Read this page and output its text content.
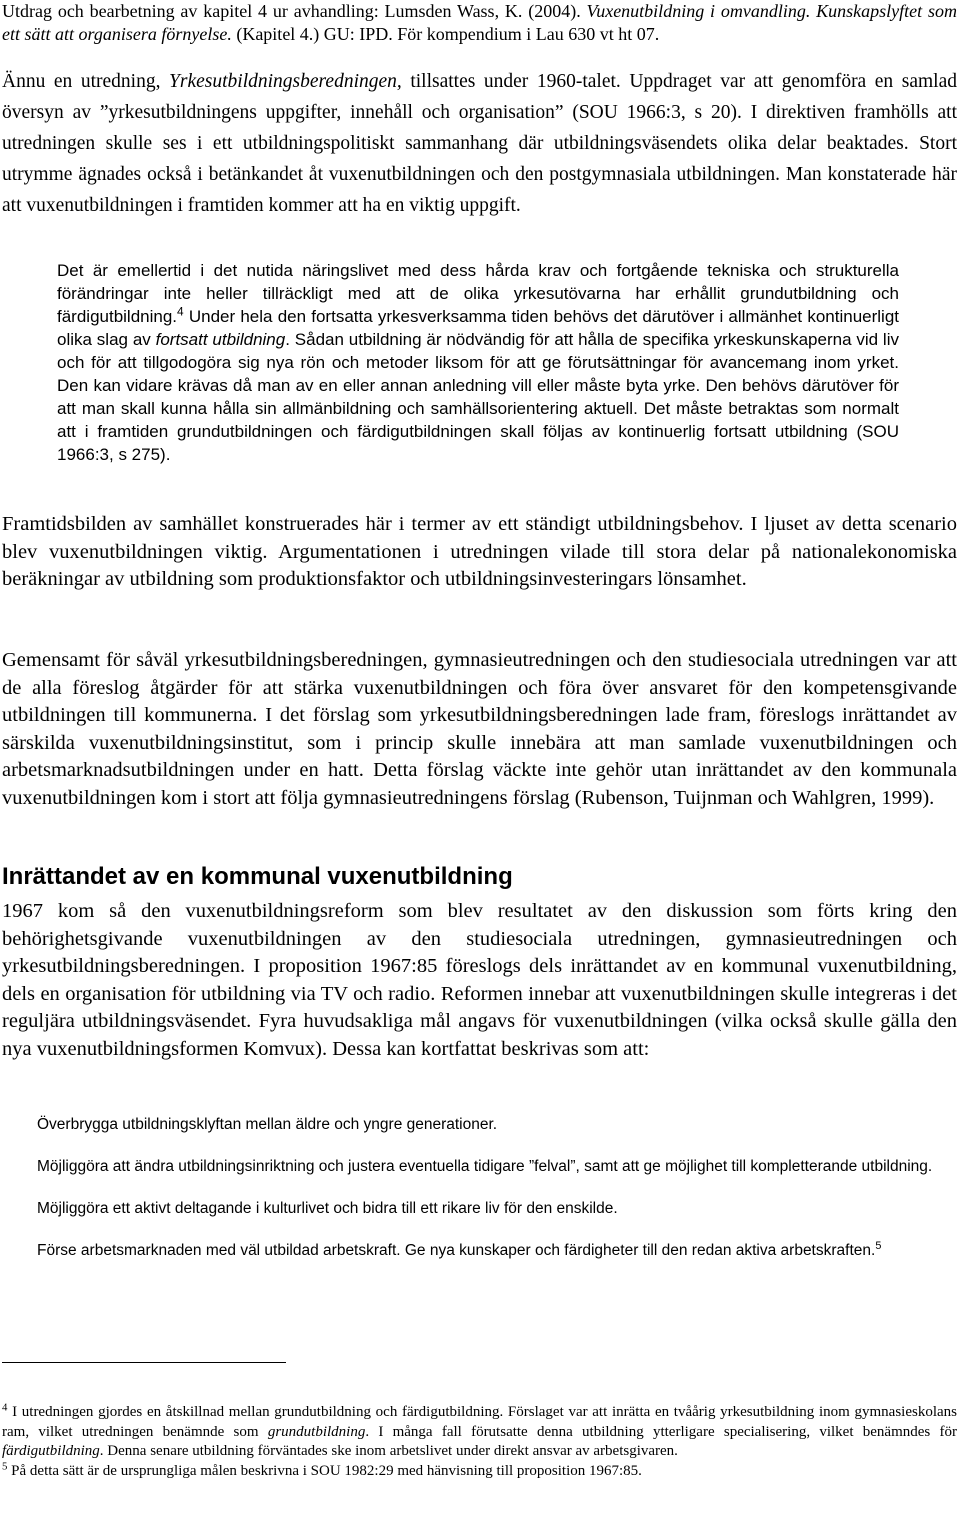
Utdrag och bearbetning av kapitel 4 ur avhandling: Lumsden Wass, K. (2004). Vuxenutbildning i omvandling. Kunskapslyftet som ett sätt att organisera förnyelse. (Kapitel 4.) GU: IPD. För kompendium i Lau 630 vt ht 07.

Ännu en utredning, Yrkesutbildningsberedningen, tillsattes under 1960-talet. Uppdraget var att genomföra en samlad översyn av ”yrkesutbildningens uppgifter, innehåll och organisation” (SOU 1966:3, s 20). I direktiven framhölls att utredningen skulle ses i ett utbildningspolitiskt sammanhang där utbildningsväsendets olika delar beaktades. Stort utrymme ägnades också i betänkandet åt vuxenutbildningen och den postgymnasiala utbildningen. Man konstaterade här att vuxenutbildningen i framtiden kommer att ha en viktig uppgift.

Det är emellertid i det nutida näringslivet med dess hårda krav och fortgående tekniska och strukturella förändringar inte heller tillräckligt med att de olika yrkesutövarna har erhållit grundutbildning och färdigutbildning.$^4$ Under hela den fortsatta yrkesverksamma tiden behövs det därutöver i allmänhet kontinuerligt olika slag av fortsatt utbildning. Sådan utbildning är nödvändig för att hålla de specifika yrkeskunskaperna vid liv och för att tillgodogöra sig nya rön och metoder liksom för att ge förutsättningar för avancemang inom yrket. Den kan vidare krävas då man av en eller annan anledning vill eller måste byta yrke. Den behövs därutöver för att man skall kunna hålla sin allmänbildning och samhällsorientering aktuell. Det måste betraktas som normalt att i framtiden grundutbildningen och färdigutbildningen skall följas av kontinuerlig fortsatt utbildning (SOU 1966:3, s 275).

Framtidsbilden av samhället konstruerades här i termer av ett ständigt utbildningsbehov. I ljuset av detta scenario blev vuxenutbildningen viktig. Argumentationen i utredningen vilade till stora delar på nationalekonomiska beräkningar av utbildning som produktionsfaktor och utbildningsinvesteringars lönsamhet.

Gemensamt för såväl yrkesutbildningsberedningen, gymnasieutredningen och den studiesociala utredningen var att de alla föreslog åtgärder för att stärka vuxenutbildningen och föra över ansvaret för den kompetensgivande utbildningen till kommunerna. I det förslag som yrkesutbildningsberedningen lade fram, föreslogs inrättandet av särskilda vuxenutbildningsinstitut, som i princip skulle innebära att man samlade vuxenutbildningen och arbetsmarknadsutbildningen under en hatt. Detta förslag väckte inte gehör utan inrättandet av den kommunala vuxenutbildningen kom i stort att följa gymnasieutredningens förslag (Rubenson, Tuijnman och Wahlgren, 1999).

Inrättandet av en kommunal vuxenutbildning

1967 kom så den vuxenutbildningsreform som blev resultatet av den diskussion som förts kring den behörighetsgivande vuxenutbildningen av den studiesociala utredningen, gymnasieutredningen och yrkesutbildningsberedningen. I proposition 1967:85 föreslogs dels inrättandet av en kommunal vuxenutbildning, dels en organisation för utbildning via TV och radio. Reformen innebar att vuxenutbildningen skulle integreras i det reguljära utbildningsväsendet. Fyra huvudsakliga mål angavs för vuxenutbildningen (vilka också skulle gälla den nya vuxenutbildningsformen Komvux). Dessa kan kortfattat beskrivas som att:

Överbrygga utbildningsklyftan mellan äldre och yngre generationer.
Möjliggöra att ändra utbildningsinriktning och justera eventuella tidigare ”felval”, samt att ge möjlighet till kompletterande utbildning.
Möjliggöra ett aktivt deltagande i kulturlivet och bidra till ett rikare liv för den enskilde.
Förse arbetsmarknaden med väl utbildad arbetskraft. Ge nya kunskaper och färdigheter till den redan aktiva arbetskraften.$^5$

$^4$ I utredningen gjordes en åtskillnad mellan grundutbildning och färdigutbildning. Förslaget var att inrätta en tvåårig yrkesutbildning inom gymnasieskolans ram, vilket utredningen benämnde som grundutbildning. I många fall förutsatte denna utbildning ytterligare specialisering, vilket benämndes för färdigutbildning. Denna senare utbildning förväntades ske inom arbetslivet under direkt ansvar av arbetsgivaren.

$^5$ På detta sätt är de ursprungliga målen beskrivna i SOU 1982:29 med hänvisning till proposition 1967:85.
